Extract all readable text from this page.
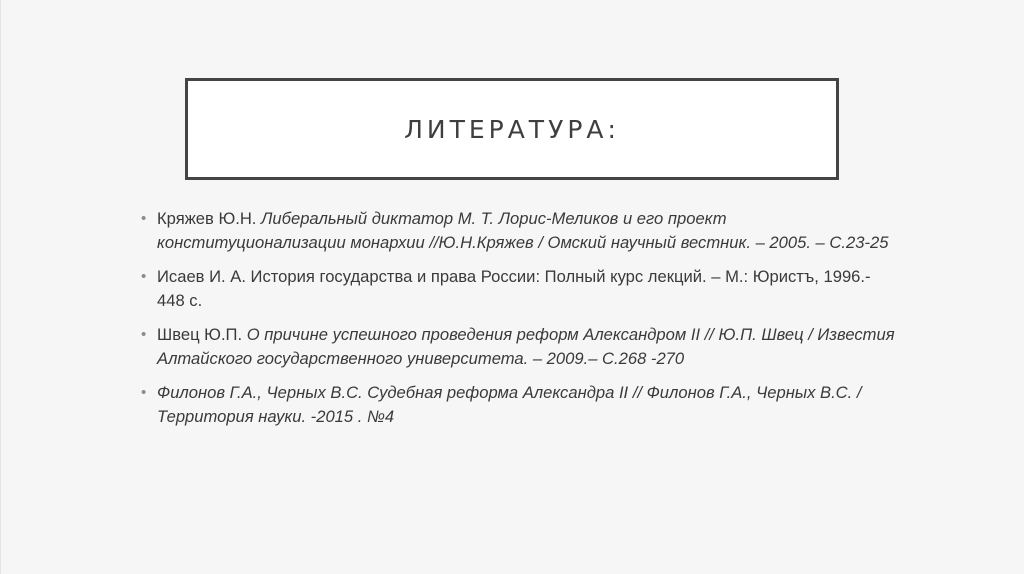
ЛИТЕРАТУРА:
• Кряжев Ю.Н. Либеральный диктатор М. Т. Лорис-Меликов и его проект конституционализации монархии //Ю.Н.Кряжев / Омский научный вестник. – 2005. – С.23-25
• Исаев И. А. История государства и права России: Полный курс лекций. – М.: Юристъ, 1996.- 448 с.
• Швец Ю.П. О причине успешного проведения реформ Александром II // Ю.П. Швец / Известия Алтайского государственного университета. – 2009.– С.268 -270
• Филонов Г.А., Черных В.С. Судебная реформа Александра II // Филонов Г.А., Черных В.С. / Территория науки. -2015 . №4
